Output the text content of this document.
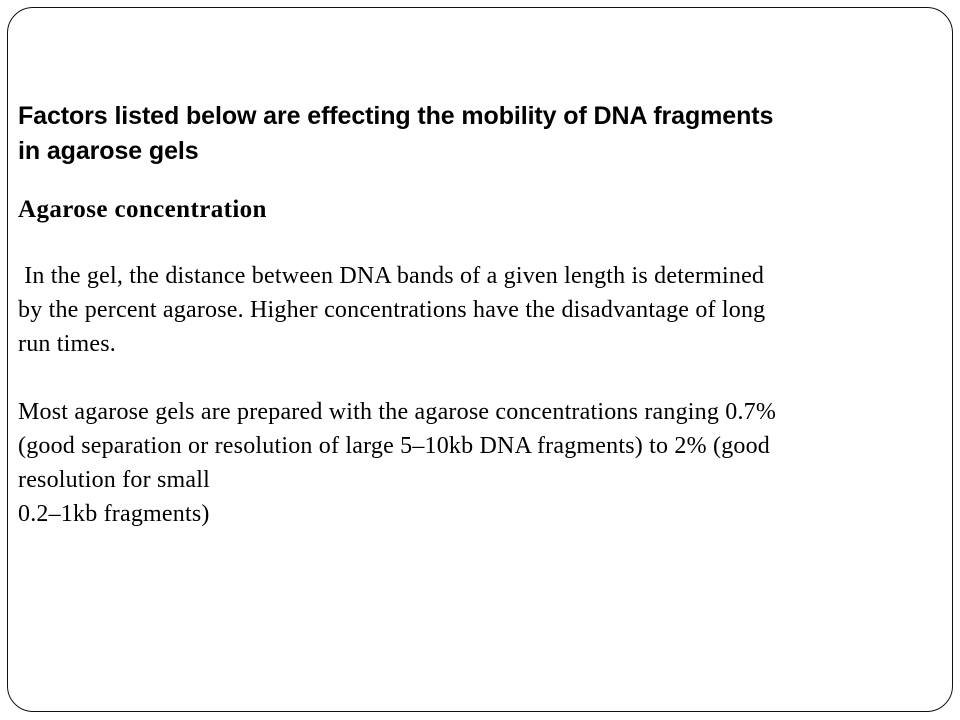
Factors listed below are effecting the mobility of DNA fragments
in agarose gels
Agarose concentration

In the gel, the distance between DNA bands of a given length is determined
by the percent agarose. Higher concentrations have the disadvantage of long
run times.

Most agarose gels are prepared with the agarose concentrations ranging 0.7%
(good separation or resolution of large 5–10kb DNA fragments) to 2% (good
resolution for small
0.2–1kb fragments)
